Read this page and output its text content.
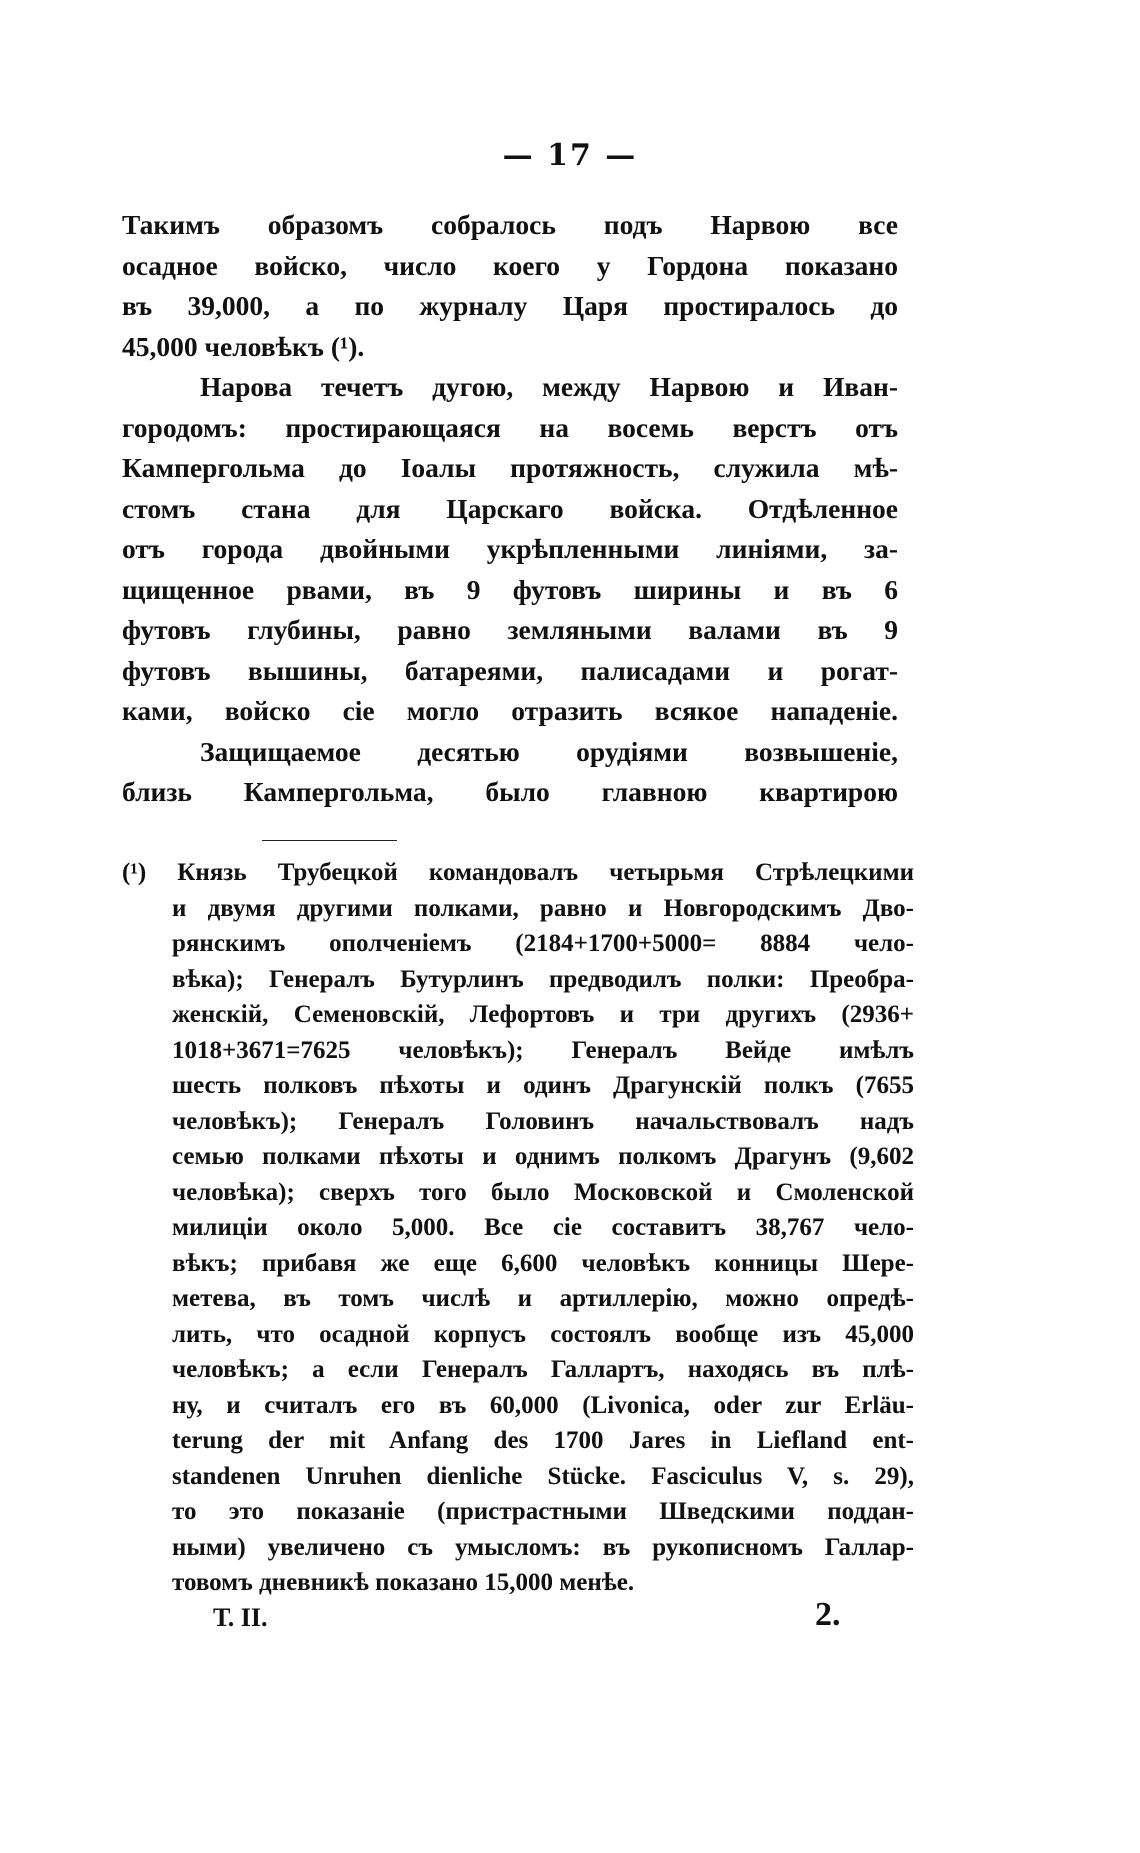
— 17 —
Такимъ образомъ собралось подъ Нарвою все
осадное войско, число коего у Гордона показано
въ 39,000, а по журналу Царя простиралось до
45,000 человѣкъ (¹).
Нарова течетъ дугою, между Нарвою и Иван-
городомъ: простирающаяся на восемь верстъ отъ
Кампергольма до Іоалы протяжность, служила мѣ-
стомъ стана для Царскаго войска. Отдѣленное
отъ города двойными укрѣпленными линіями, за-
щищенное рвами, въ 9 футовъ ширины и въ 6
футовъ глубины, равно земляными валами въ 9
футовъ вышины, батареями, палисадами и рогат-
ками, войско сіе могло отразить всякое нападеніе.
Защищаемое десятью орудіями возвышеніе,
близь Кампергольма, было главною квартирою
(¹) Князь Трубецкой командовалъ четырьмя Стрѣлецкими
и двумя другими полками, равно и Новгородскимъ Дво-
рянскимъ ополченіемъ (2184+1700+5000= 8884 чело-
вѣка); Генералъ Бутурлинъ предводилъ полки: Преобра-
женскій, Семеновскій, Лефортовъ и три другихъ (2936+
1018+3671=7625 человѣкъ); Генералъ Вейде имѣлъ
шесть полковъ пѣхоты и одинъ Драгунскій полкъ (7655
человѣкъ); Генералъ Головинъ начальствовалъ надъ
семью полками пѣхоты и однимъ полкомъ Драгунъ (9,602
человѣка); сверхъ того было Московской и Смоленской
милиціи около 5,000. Все сіе составитъ 38,767 чело-
вѣкъ; прибавя же еще 6,600 человѣкъ конницы Шере-
метева, въ томъ числѣ и артиллерію, можно опредѣ-
лить, что осадной корпусъ состоялъ вообще изъ 45,000
человѣкъ; а если Генералъ Галлартъ, находясь въ плѣ-
ну, и считалъ его въ 60,000 (Livonica, oder zur Erläu-
terung der mit Anfang des 1700 Jares in Liefland ent-
standenen Unruhen dienliche Stücke. Fasciculus V, s. 29),
то это показаніе (пристрастными Шведскими поддан-
ными) увеличено съ умысломъ: въ рукописномъ Галлар-
товомъ дневникѣ показано 15,000 менѣе.
Т. II.	2.
